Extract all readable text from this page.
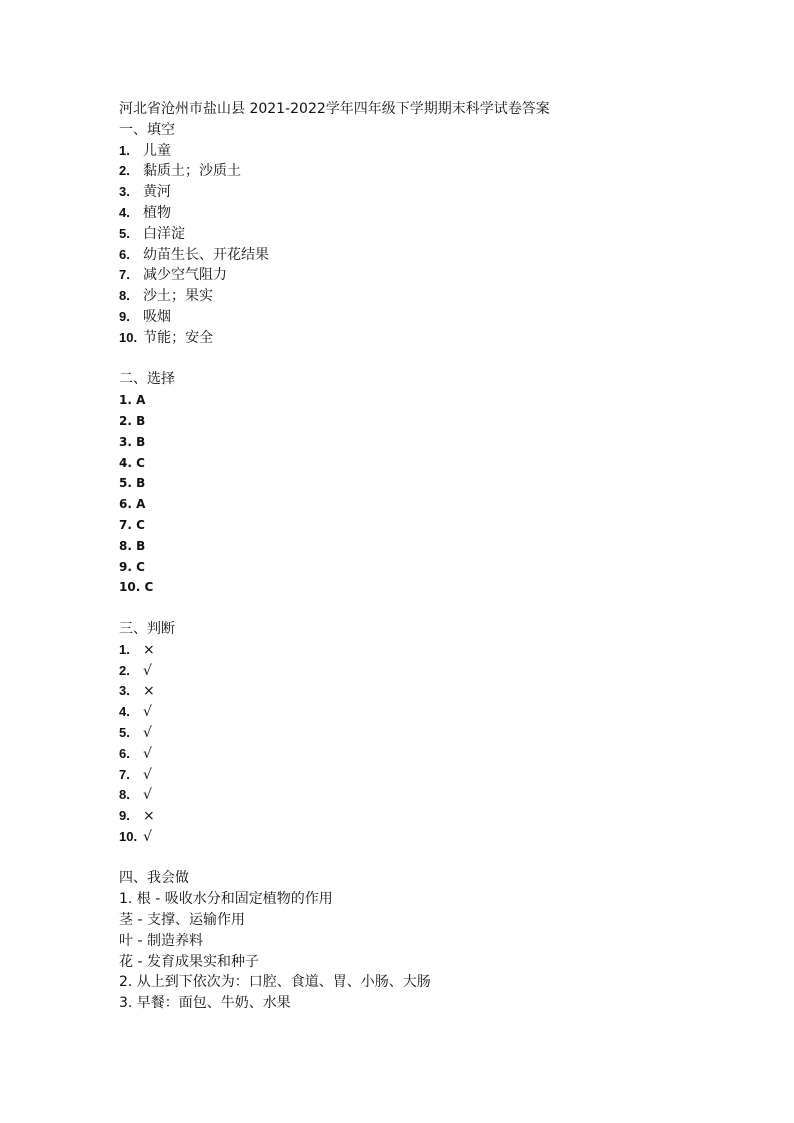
河北省沧州市盐山县 2021-2022学年四年级下学期期末科学试卷答案
一、填空
1. 儿童
2. 黏质土；沙质土
3. 黄河
4. 植物
5. 白洋淀
6. 幼苗生长、开花结果
7. 减少空气阻力
8. 沙土；果实
9. 吸烟
10. 节能；安全
二、选择
1. A
2. B
3. B
4. C
5. B
6. A
7. C
8. B
9. C
10. C
三、判断
1. ×
2. √
3. ×
4. √
5. √
6. √
7. √
8. √
9. ×
10. √
四、我会做
1. 根 - 吸收水分和固定植物的作用
茎 - 支撑、运输作用
叶 - 制造养料
花 - 发育成果实和种子
2. 从上到下依次为：口腔、食道、胃、小肠、大肠
3. 早餐：面包、牛奶、水果
